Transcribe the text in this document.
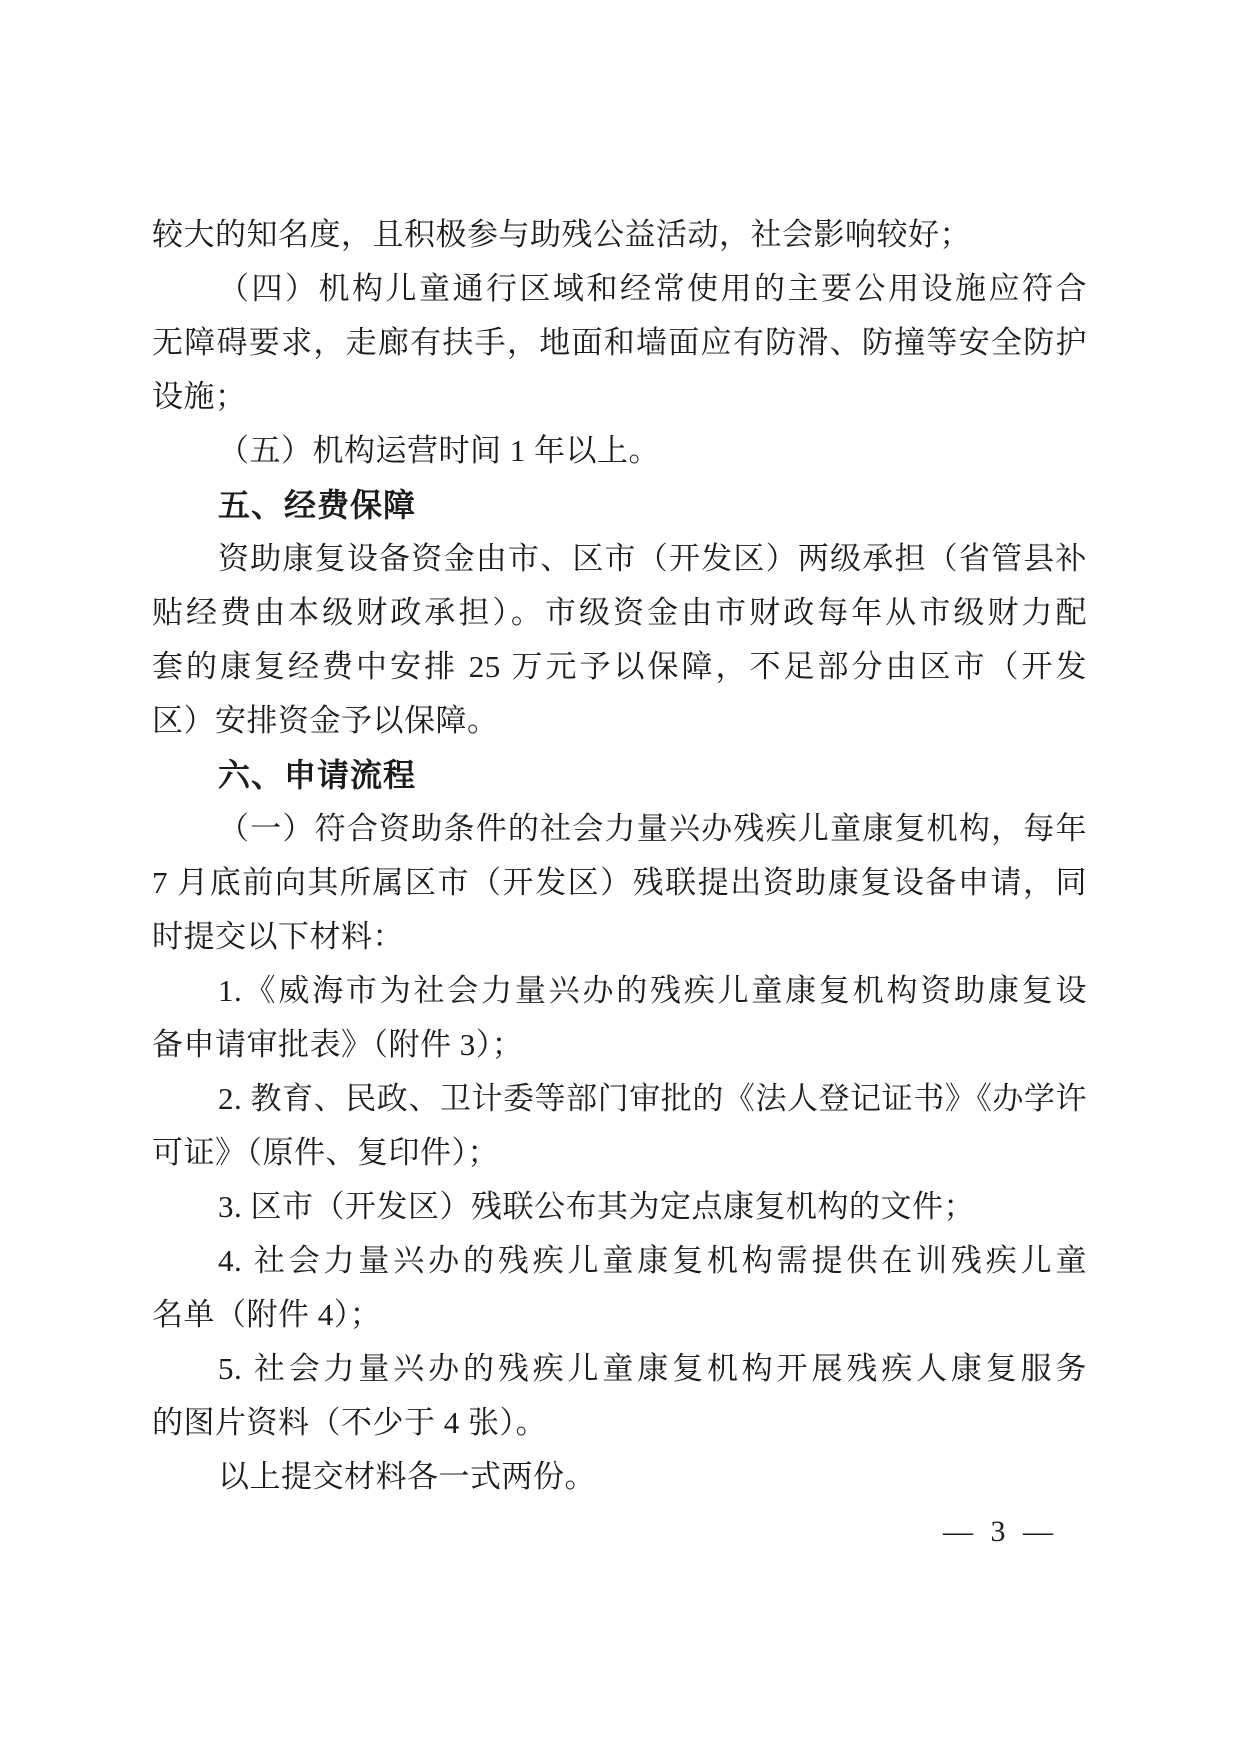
较大的知名度，且积极参与助残公益活动，社会影响较好；
（四）机构儿童通行区域和经常使用的主要公用设施应符合
无障碍要求，走廊有扶手，地面和墙面应有防滑、防撞等安全防护
设施；
（五）机构运营时间 1 年以上。
五、经费保障
资助康复设备资金由市、区市（开发区）两级承担（省管县补
贴经费由本级财政承担）。市级资金由市财政每年从市级财力配
套的康复经费中安排 25 万元予以保障，不足部分由区市（开发
区）安排资金予以保障。
六、申请流程
（一）符合资助条件的社会力量兴办残疾儿童康复机构，每年
7 月底前向其所属区市（开发区）残联提出资助康复设备申请，同
时提交以下材料：
1.《威海市为社会力量兴办的残疾儿童康复机构资助康复设
备申请审批表》（附件 3）；
2. 教育、民政、卫计委等部门审批的《法人登记证书》《办学许
可证》（原件、复印件）；
3. 区市（开发区）残联公布其为定点康复机构的文件；
4. 社会力量兴办的残疾儿童康复机构需提供在训残疾儿童
名单（附件 4）；
5. 社会力量兴办的残疾儿童康复机构开展残疾人康复服务
的图片资料（不少于 4 张）。
以上提交材料各一式两份。
— 3 —
